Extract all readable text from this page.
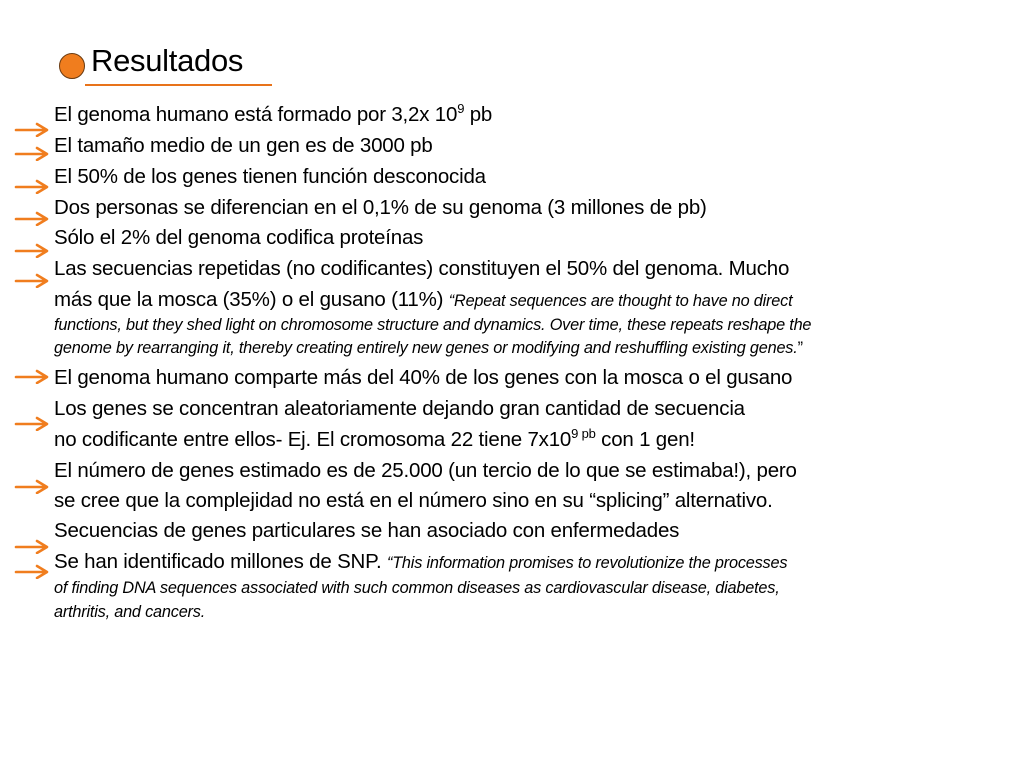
Resultados
El genoma humano está formado por 3,2x $10^9$ pb
El tamaño medio de un gen es de 3000 pb
El 50% de los genes tienen función desconocida
Dos personas se diferencian en el 0,1% de su genoma (3 millones de pb)
Sólo el 2% del genoma codifica proteínas
Las secuencias repetidas (no codificantes) constituyen el 50% del genoma. Mucho
más que la mosca (35%) o el gusano (11%) “Repeat sequences are thought to have no direct
functions, but they shed light on chromosome structure and dynamics. Over time, these repeats reshape the
genome by rearranging it, thereby creating entirely new genes or modifying and reshuffling existing genes.”
El genoma humano comparte más del 40% de los genes con la mosca o el gusano
Los genes se concentran aleatoriamente dejando gran cantidad de secuencia
no codificante entre ellos- Ej. El cromosoma 22 tiene $7x10^{9 pb}$ con 1 gen!
El número de genes estimado es de 25.000 (un tercio de lo que se estimaba!), pero
se cree que la complejidad no está en el número sino en su “splicing” alternativo.
Secuencias de genes particulares se han asociado con enfermedades
Se han identificado millones de SNP. “This information promises to revolutionize the processes
of finding DNA sequences associated with such common diseases as cardiovascular disease, diabetes,
arthritis, and cancers.
